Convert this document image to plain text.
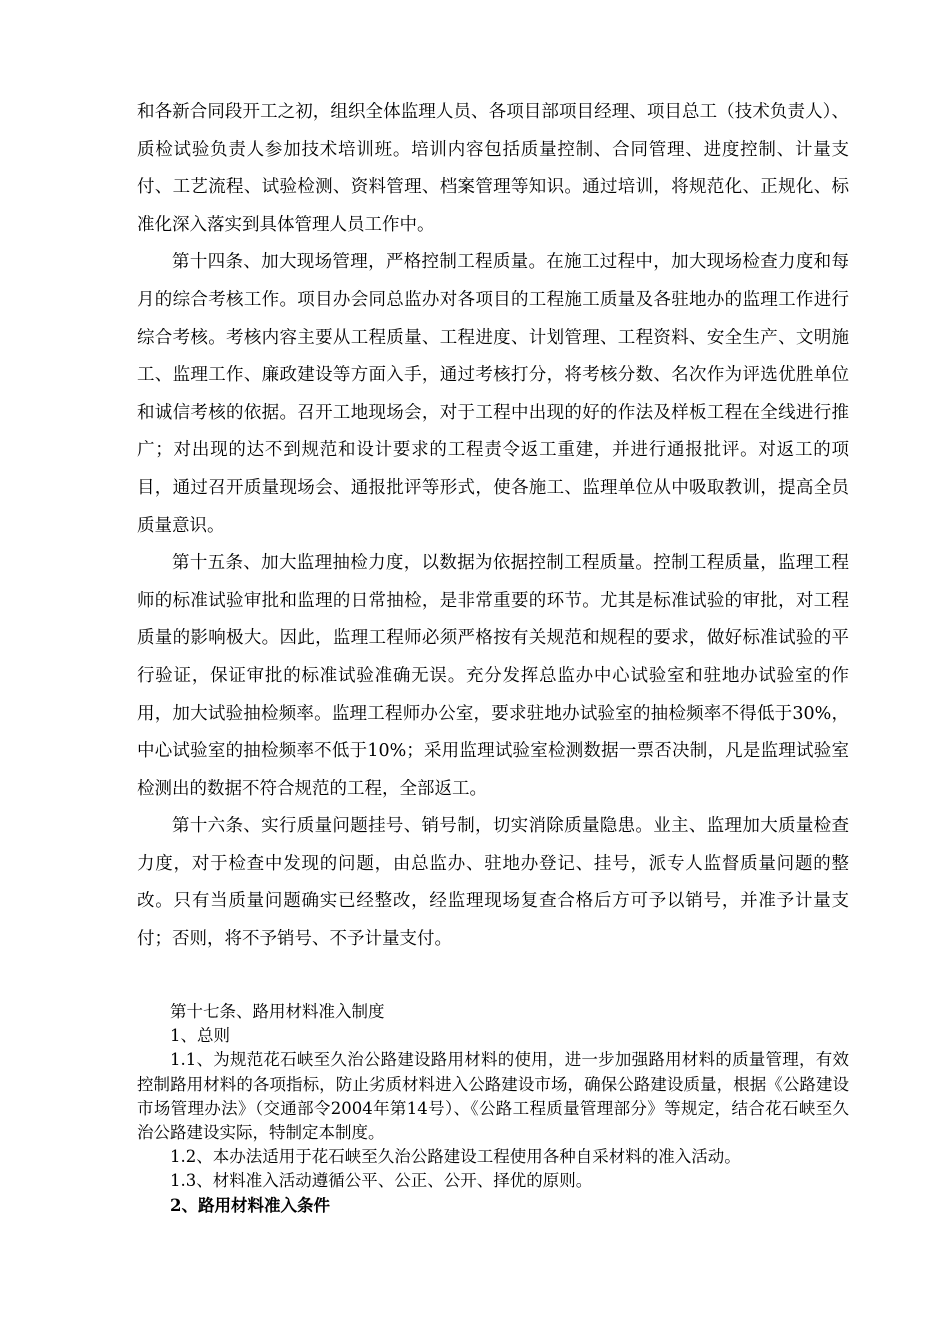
和各新合同段开工之初，组织全体监理人员、各项目部项目经理、项目总工（技术负责人）、质检试验负责人参加技术培训班。培训内容包括质量控制、合同管理、进度控制、计量支付、工艺流程、试验检测、资料管理、档案管理等知识。通过培训，将规范化、正规化、标准化深入落实到具体管理人员工作中。

第十四条、加大现场管理，严格控制工程质量。在施工过程中，加大现场检查力度和每月的综合考核工作。项目办会同总监办对各项目的工程施工质量及各驻地办的监理工作进行综合考核。考核内容主要从工程质量、工程进度、计划管理、工程资料、安全生产、文明施工、监理工作、廉政建设等方面入手，通过考核打分，将考核分数、名次作为评选优胜单位和诚信考核的依据。召开工地现场会，对于工程中出现的好的作法及样板工程在全线进行推广；对出现的达不到规范和设计要求的工程责令返工重建，并进行通报批评。对返工的项目，通过召开质量现场会、通报批评等形式，使各施工、监理单位从中吸取教训，提高全员质量意识。

第十五条、加大监理抽检力度，以数据为依据控制工程质量。控制工程质量，监理工程师的标准试验审批和监理的日常抽检，是非常重要的环节。尤其是标准试验的审批，对工程质量的影响极大。因此，监理工程师必须严格按有关规范和规程的要求，做好标准试验的平行验证，保证审批的标准试验准确无误。充分发挥总监办中心试验室和驻地办试验室的作用，加大试验抽检频率。监理工程师办公室，要求驻地办试验室的抽检频率不得低于30%，中心试验室的抽检频率不低于10%；采用监理试验室检测数据一票否决制，凡是监理试验室检测出的数据不符合规范的工程，全部返工。

第十六条、实行质量问题挂号、销号制，切实消除质量隐患。业主、监理加大质量检查力度，对于检查中发现的问题，由总监办、驻地办登记、挂号，派专人监督质量问题的整改。只有当质量问题确实已经整改，经监理现场复查合格后方可予以销号，并准予计量支付；否则，将不予销号、不予计量支付。

第十七条、路用材料准入制度

1、总则

1.1、为规范花石峡至久治公路建设路用材料的使用，进一步加强路用材料的质量管理，有效控制路用材料的各项指标，防止劣质材料进入公路建设市场，确保公路建设质量，根据《公路建设市场管理办法》（交通部令2004年第14号）、《公路工程质量管理部分》等规定，结合花石峡至久治公路建设实际，特制定本制度。

1.2、本办法适用于花石峡至久治公路建设工程使用各种自采材料的准入活动。

1.3、材料准入活动遵循公平、公正、公开、择优的原则。

2、路用材料准入条件
